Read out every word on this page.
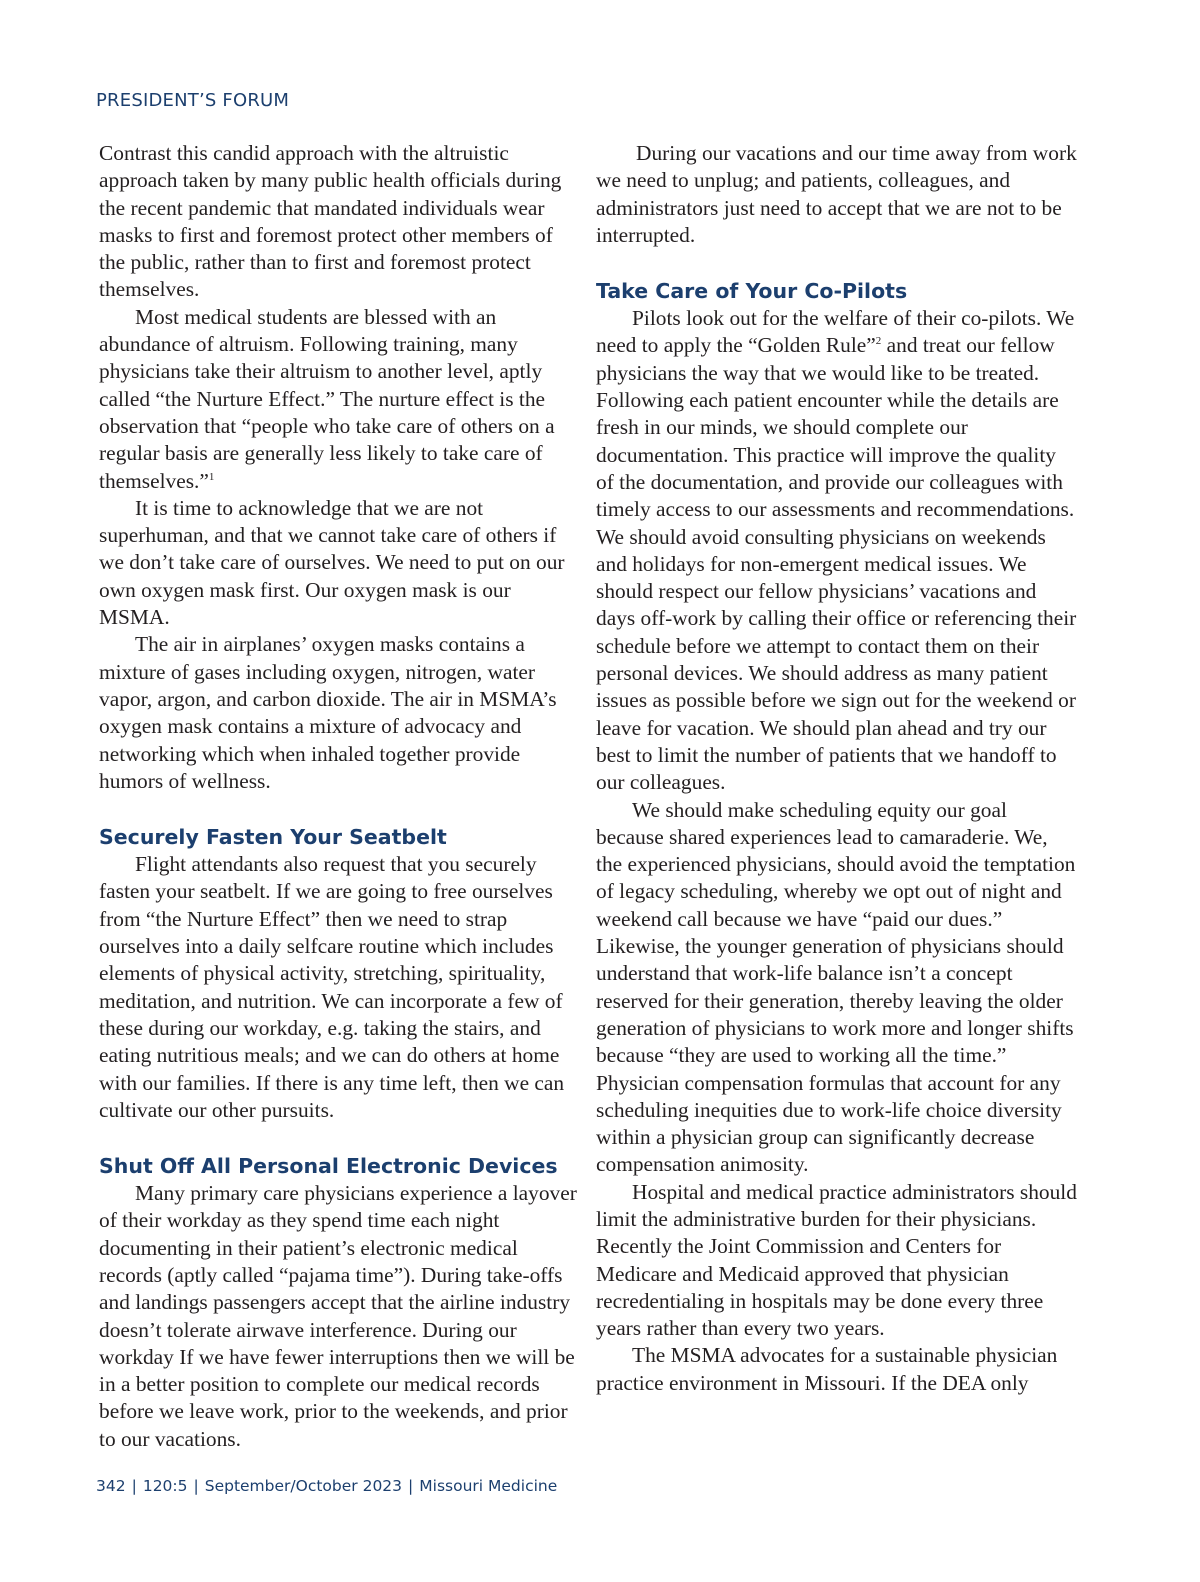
PRESIDENT’S FORUM

Contrast this candid approach with the altruistic approach taken by many public health officials during the recent pandemic that mandated individuals wear masks to first and foremost protect other members of the public, rather than to first and foremost protect themselves.

Most medical students are blessed with an abundance of altruism. Following training, many physicians take their altruism to another level, aptly called “the Nurture Effect.” The nurture effect is the observation that “people who take care of others on a regular basis are generally less likely to take care of themselves.”$^1$

It is time to acknowledge that we are not superhuman, and that we cannot take care of others if we don’t take care of ourselves. We need to put on our own oxygen mask first. Our oxygen mask is our MSMA.

The air in airplanes’ oxygen masks contains a mixture of gases including oxygen, nitrogen, water vapor, argon, and carbon dioxide. The air in MSMA’s oxygen mask contains a mixture of advocacy and networking which when inhaled together provide humors of wellness.

Securely Fasten Your Seatbelt

Flight attendants also request that you securely fasten your seatbelt. If we are going to free ourselves from “the Nurture Effect” then we need to strap ourselves into a daily selfcare routine which includes elements of physical activity, stretching, spirituality, meditation, and nutrition. We can incorporate a few of these during our workday, e.g. taking the stairs, and eating nutritious meals; and we can do others at home with our families. If there is any time left, then we can cultivate our other pursuits.

Shut Off All Personal Electronic Devices

Many primary care physicians experience a layover of their workday as they spend time each night documenting in their patient’s electronic medical records (aptly called “pajama time”). During take-offs and landings passengers accept that the airline industry doesn’t tolerate airwave interference. During our workday If we have fewer interruptions then we will be in a better position to complete our medical records before we leave work, prior to the weekends, and prior to our vacations.

During our vacations and our time away from work we need to unplug; and patients, colleagues, and administrators just need to accept that we are not to be interrupted.

Take Care of Your Co-Pilots

Pilots look out for the welfare of their co-pilots. We need to apply the “Golden Rule”$^2$ and treat our fellow physicians the way that we would like to be treated. Following each patient encounter while the details are fresh in our minds, we should complete our documentation. This practice will improve the quality of the documentation, and provide our colleagues with timely access to our assessments and recommendations. We should avoid consulting physicians on weekends and holidays for non-emergent medical issues. We should respect our fellow physicians’ vacations and days off-work by calling their office or referencing their schedule before we attempt to contact them on their personal devices. We should address as many patient issues as possible before we sign out for the weekend or leave for vacation. We should plan ahead and try our best to limit the number of patients that we handoff to our colleagues.

We should make scheduling equity our goal because shared experiences lead to camaraderie. We, the experienced physicians, should avoid the temptation of legacy scheduling, whereby we opt out of night and weekend call because we have “paid our dues.” Likewise, the younger generation of physicians should understand that work-life balance isn’t a concept reserved for their generation, thereby leaving the older generation of physicians to work more and longer shifts because “they are used to working all the time.” Physician compensation formulas that account for any scheduling inequities due to work-life choice diversity within a physician group can significantly decrease compensation animosity.

Hospital and medical practice administrators should limit the administrative burden for their physicians. Recently the Joint Commission and Centers for Medicare and Medicaid approved that physician recredentialing in hospitals may be done every three years rather than every two years.

The MSMA advocates for a sustainable physician practice environment in Missouri. If the DEA only

342 | 120:5 | September/October 2023 | Missouri Medicine
